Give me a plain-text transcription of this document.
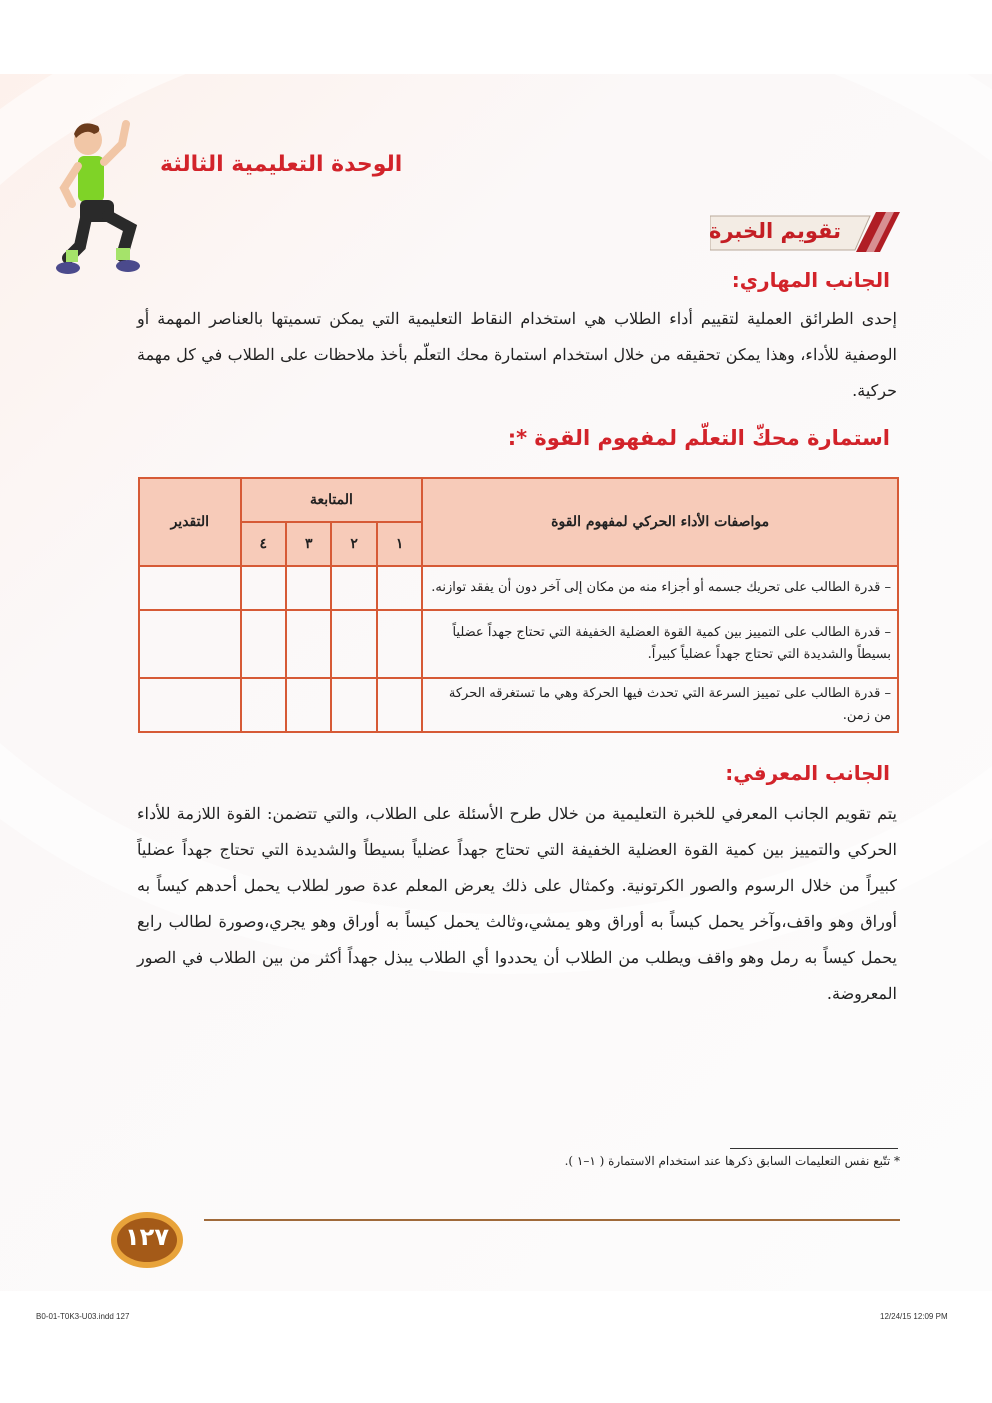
الوحدة التعليمية الثالثة
تقويم الخبرة
الجانب المهاري:
إحدى الطرائق العملية لتقييم أداء الطلاب هي استخدام النقاط التعليمية التي يمكن تسميتها بالعناصر المهمة أو الوصفية للأداء، وهذا يمكن تحقيقه من خلال استخدام استمارة محك التعلّم بأخذ ملاحظات على الطلاب في كل مهمة حركية.
استمارة محكّ التعلّم لمفهوم القوة *:
مواصفات الأداء الحركي لمفهوم القوة	المتابعة				التقدير
	١	٢	٣	٤	
– قدرة الطالب على تحريك جسمه أو أجزاء منه من مكان إلى آخر دون أن يفقد توازنه.					
– قدرة الطالب على التمييز بين كمية القوة العضلية الخفيفة التي تحتاج جهداً عضلياً بسيطاً والشديدة التي تحتاج جهداً عضلياً كبيراً.					
– قدرة الطالب على تمييز السرعة التي تحدث فيها الحركة وهي ما تستغرقه الحركة من زمن.					
الجانب المعرفي:
يتم تقويم الجانب المعرفي للخبرة التعليمية من خلال طرح الأسئلة على الطلاب، والتي تتضمن: القوة اللازمة للأداء الحركي والتمييز بين كمية القوة العضلية الخفيفة التي تحتاج جهداً عضلياً بسيطاً والشديدة التي تحتاج جهداً عضلياً كبيراً من خلال الرسوم والصور الكرتونية. وكمثال على ذلك يعرض المعلم عدة صور لطلاب يحمل أحدهم كيساً به أوراق وهو واقف،وآخر يحمل كيساً به أوراق وهو يمشي،وثالث يحمل كيساً به أوراق وهو يجري،وصورة لطالب رابع يحمل كيساً به رمل وهو واقف ويطلب من الطلاب أن يحددوا أي الطلاب يبذل جهداً أكثر من بين الطلاب في الصور المعروضة.
* تتّبع نفس التعليمات السابق ذكرها عند استخدام الاستمارة ( ١–١ ).
١٢٧
B0-01-T0K3-U03.indd 127	12/24/15 12:09 PM
